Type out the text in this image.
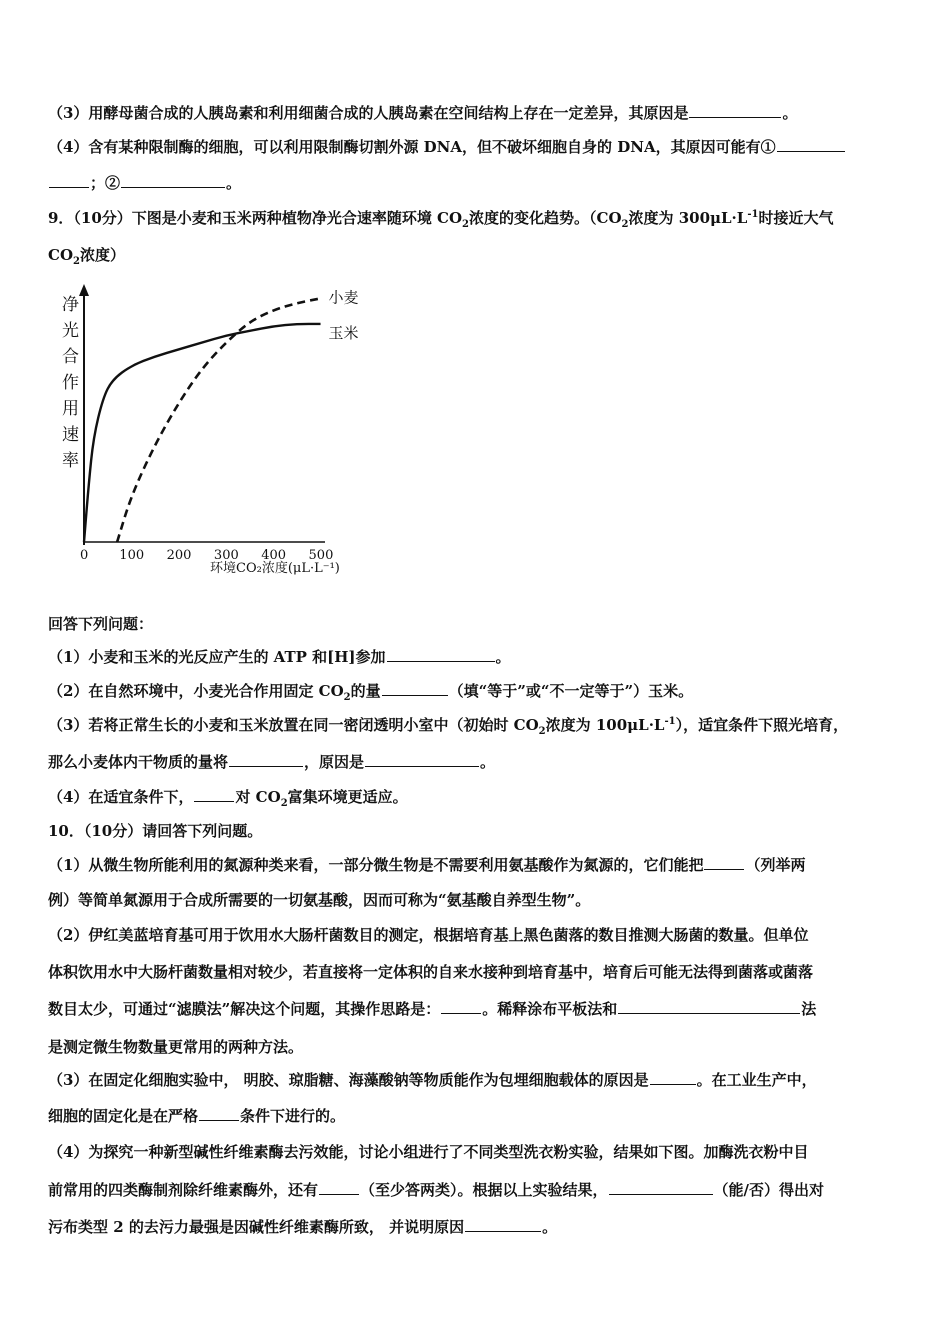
（3）用酵母菌合成的人胰岛素和利用细菌合成的人胰岛素在空间结构上存在一定差异，其原因是	。
（4）含有某种限制酶的细胞，可以利用限制酶切割外源 DNA，但不破坏细胞自身的 DNA，其原因可能有①
；②	。
9．（10分）下图是小麦和玉米两种植物净光合速率随环境 $CO_2$浓度的变化趋势。（$CO_2$浓度为 $300\mu L\cdot L^{-1}$时接近大气
$CO_2$浓度）
净
光
合
作
用
速
率
0 100 200 300 400 500
环境CO₂浓度(μL·L⁻¹)
玉米
小麦
回答下列问题：
（1）小麦和玉米的光反应产生的 ATP 和[H]参加	。
（2）在自然环境中，小麦光合作用固定 $CO_2$的量	（填“等于”或“不一定等于”）玉米。
（3）若将正常生长的小麦和玉米放置在同一密闭透明小室中（初始时 $CO_2$浓度为 $100\mu L\cdot L^{-1}$），适宜条件下照光培育，
那么小麦体内干物质的量将	，原因是	。
（4）在适宜条件下，	对 $CO_2$富集环境更适应。
10．（10分）请回答下列问题。
（1）从微生物所能利用的氮源种类来看，一部分微生物是不需要利用氨基酸作为氮源的，它们能把	（列举两
例）等简单氮源用于合成所需要的一切氨基酸，因而可称为“氨基酸自养型生物”。
（2）伊红美蓝培育基可用于饮用水大肠杆菌数目的测定，根据培育基上黑色菌落的数目推测大肠菌的数量。但单位
体积饮用水中大肠杆菌数量相对较少，若直接将一定体积的自来水接种到培育基中，培育后可能无法得到菌落或菌落
数目太少，可通过“滤膜法”解决这个问题，其操作思路是：	。稀释涂布平板法和	法
是测定微生物数量更常用的两种方法。
（3）在固定化细胞实验中， 明胶、琼脂糖、海藻酸钠等物质能作为包埋细胞载体的原因是	。在工业生产中，
细胞的固定化是在严格	条件下进行的。
（4）为探究一种新型碱性纤维素酶去污效能，讨论小组进行了不同类型洗衣粉实验，结果如下图。加酶洗衣粉中目
前常用的四类酶制剂除纤维素酶外，还有	（至少答两类）。根据以上实验结果，	（能/否）得出对
污布类型 2 的去污力最强是因碱性纤维素酶所致， 并说明原因	。
